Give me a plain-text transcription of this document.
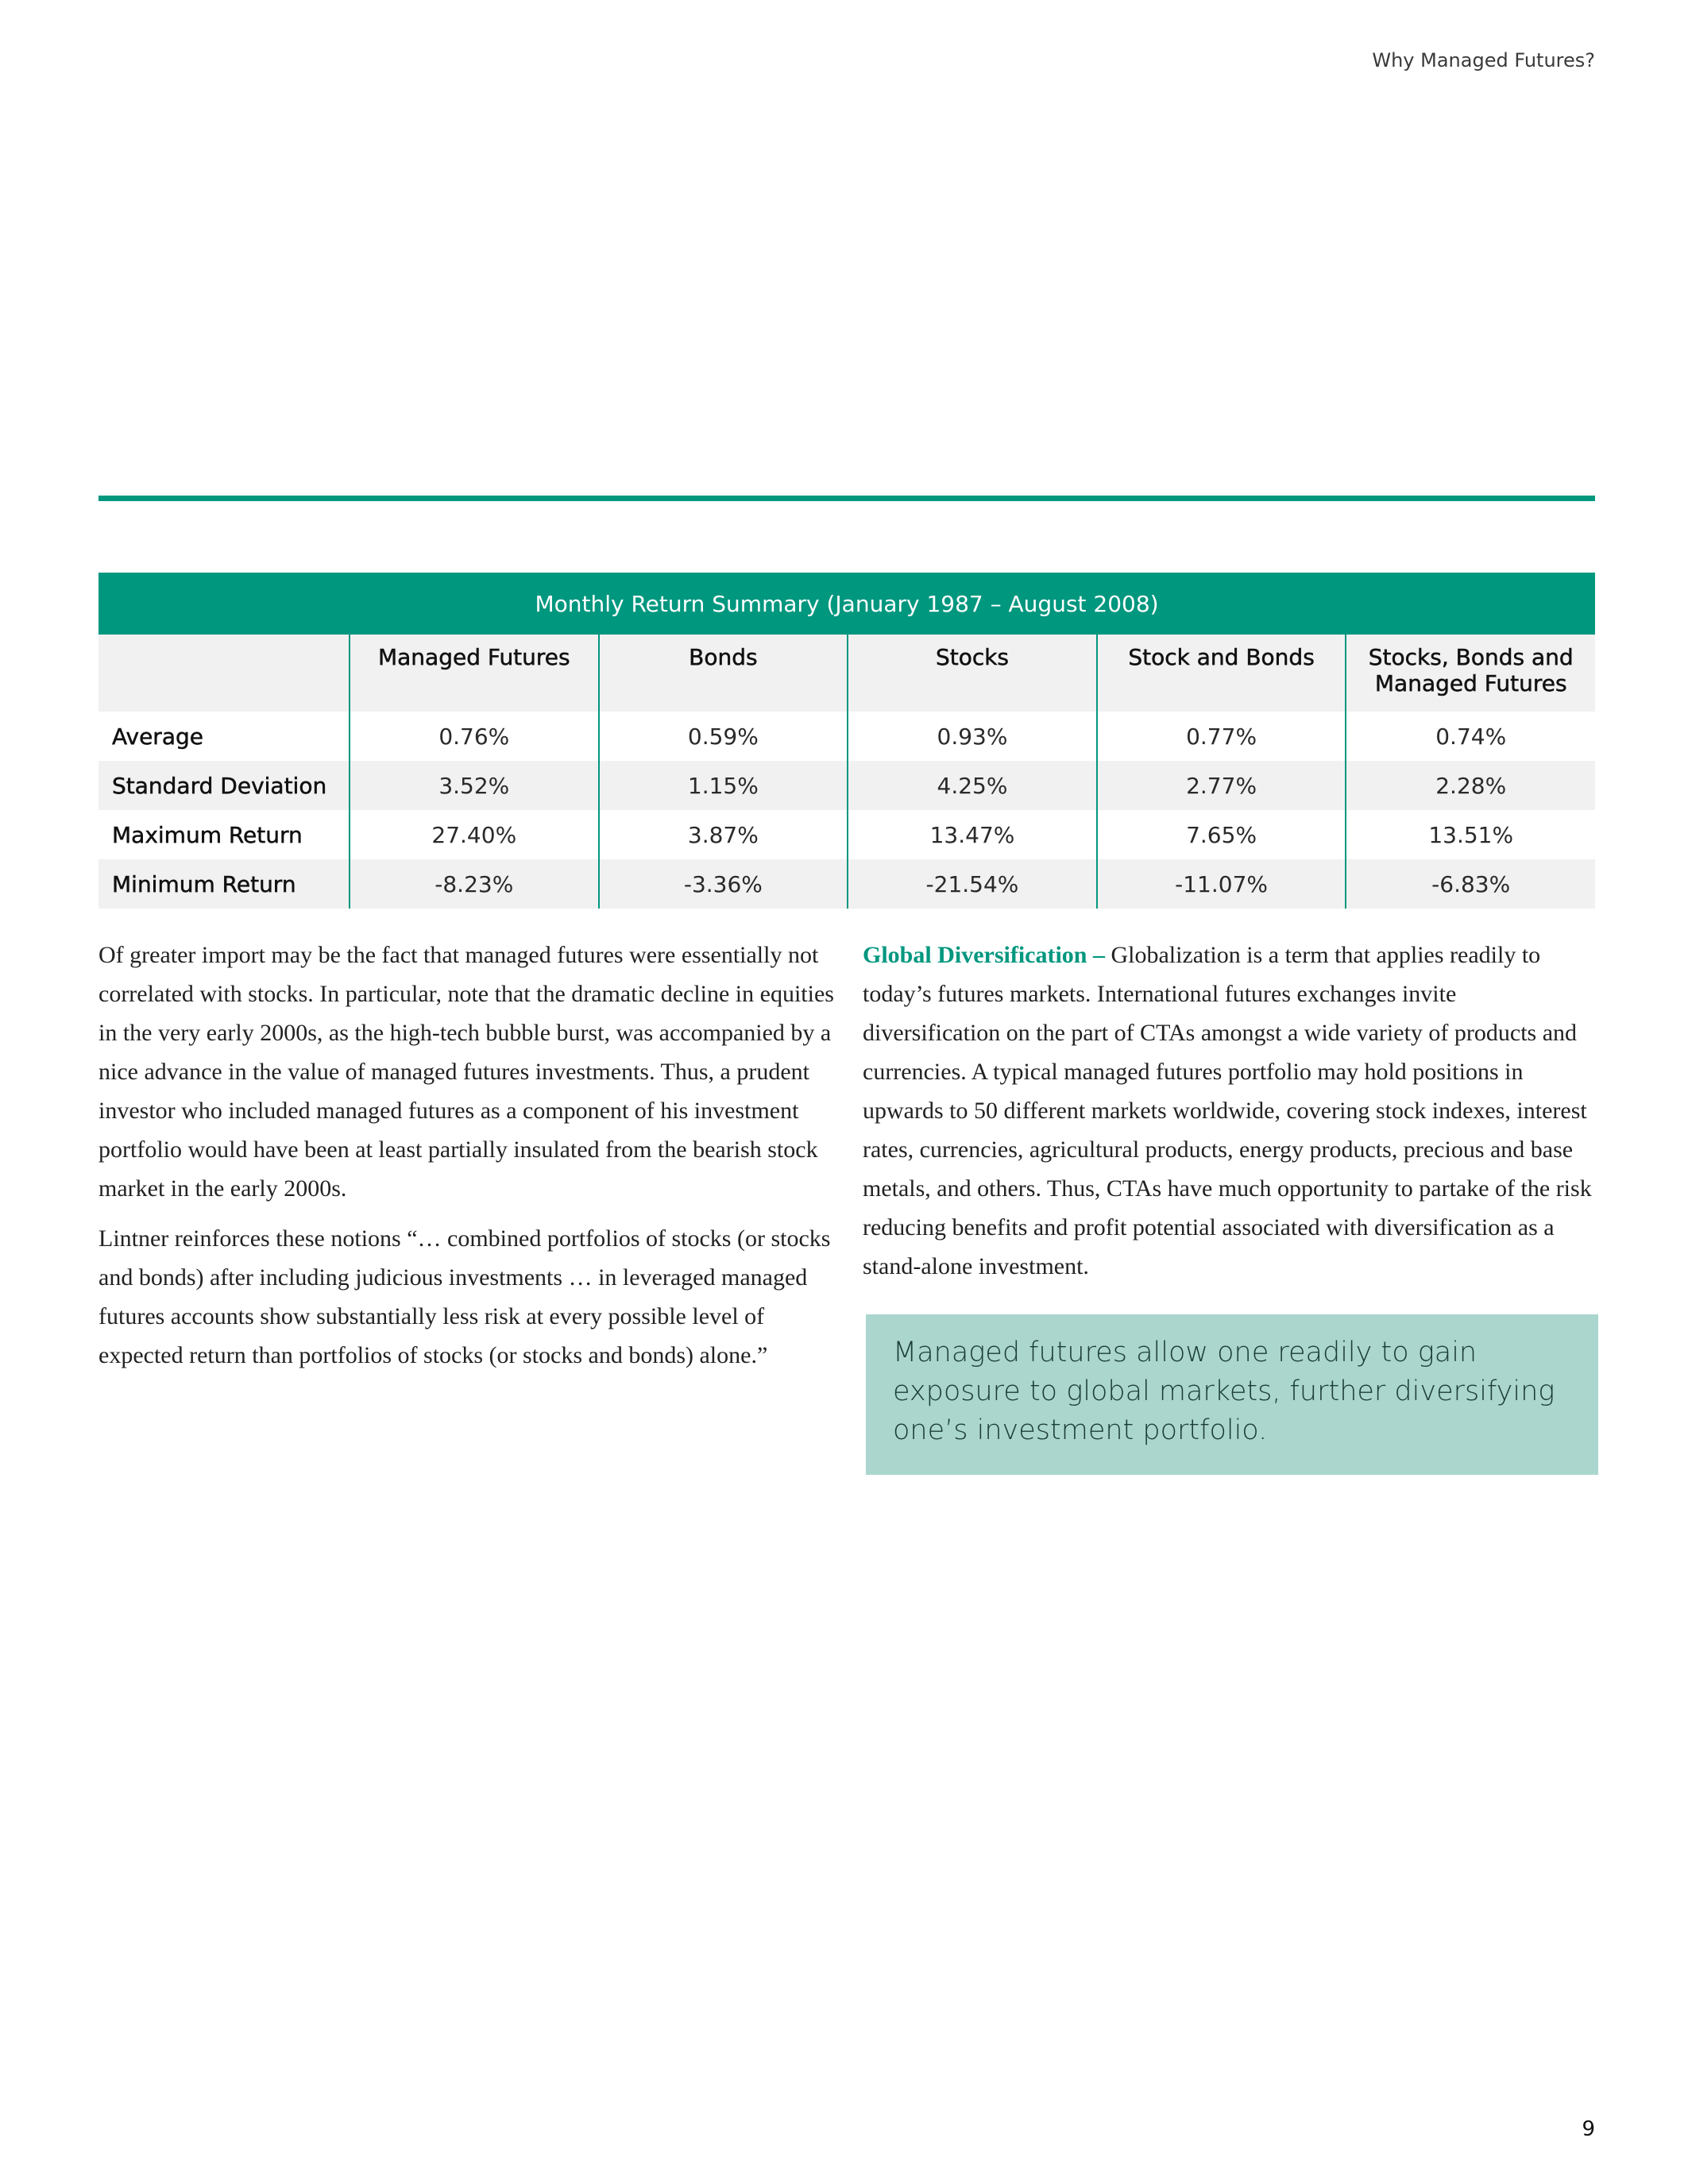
Why Managed Futures?
Monthly Return Summary (January 1987 – August 2008)					
	Managed Futures	Bonds	Stocks	Stock and Bonds	Stocks, Bonds and Managed Futures
Average	0.76%	0.59%	0.93%	0.77%	0.74%
Standard Deviation	3.52%	1.15%	4.25%	2.77%	2.28%
Maximum Return	27.40%	3.87%	13.47%	7.65%	13.51%
Minimum Return	-8.23%	-3.36%	-21.54%	-11.07%	-6.83%

Of greater import may be the fact that managed futures were essentially not correlated with stocks. In particular, note that the dramatic decline in equities in the very early 2000s, as the high-tech bubble burst, was accompanied by a nice advance in the value of managed futures investments. Thus, a prudent investor who included managed futures as a component of his investment portfolio would have been at least partially insulated from the bearish stock market in the early 2000s.

Lintner reinforces these notions “… combined portfolios of stocks (or stocks and bonds) after including judicious investments … in leveraged managed futures accounts show substantially less risk at every possible level of expected return than portfolios of stocks (or stocks and bonds) alone.”

Global Diversification – Globalization is a term that applies readily to today’s futures markets. International futures exchanges invite diversification on the part of CTAs amongst a wide variety of products and currencies. A typical managed futures portfolio may hold positions in upwards to 50 different markets worldwide, covering stock indexes, interest rates, currencies, agricultural products, energy products, precious and base metals, and others. Thus, CTAs have much opportunity to partake of the risk reducing benefits and profit potential associated with diversification as a stand-alone investment.

Managed futures allow one readily to gain exposure to global markets, further diversifying one’s investment portfolio.
9
